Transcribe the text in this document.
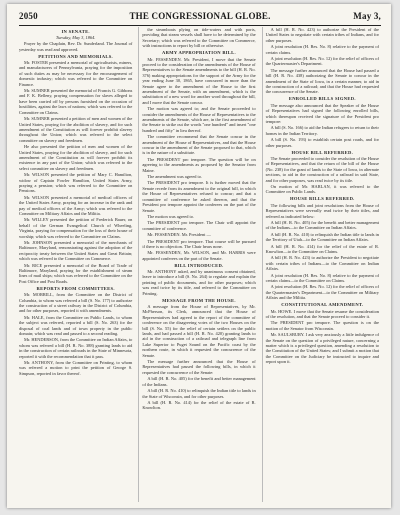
2050	THE CONGRESSIONAL GLOBE.	May 3,
IN SENATE.

Tuesday, May 3, 1864.

Prayer by the Chaplain, Rev. Dr. Sunderland. The Journal of yesterday was read and approved.

PETITIONS AND MEMORIALS.

Mr. FOSTER presented a memorial of agriculturists, miners, and manufacturers of Pennsylvania, praying for the imposition of such duties as may be necessary for the encouragement of domestic industry; which was referred to the Committee on Finance.

Mr. SUMNER presented the memorial of Francis G. Gibbons and F. K. Belleny, praying compensation for slaves alleged to have been carried off by persons furnished on the occasion of hostilities, against the laws of nations; which was referred to the Committee on Claims.

Mr. SUMNER presented a petition of men and women of the United States, praying for the abolition of slavery, and for such amendment of the Constitution as will forever prohibit slavery throughout the Union; which was referred to the select committee on slavery and freedmen.

He also presented the petition of men and women of the United States, praying for the abolition of slavery, and for such amendment of the Constitution as will forever prohibit its existence in any part of the Union; which was referred to the select committee on slavery and freedmen.

Mr. WILSON presented the petition of Mary C. Hamilton, widow of Captain Fowler Hamilton, United States Army, praying a pension; which was referred to the Committee on Pensions.

Mr. WILSON presented a memorial of medical officers of the United States Army, praying for an increase in the rank and pay of medical officers of the Army; which was referred to the Committee on Military Affairs and the Militia.

Mr. WILLEY presented the petition of Frederick Bauer, on behalf of the German Evangelical Church of Wheeling, Virginia, praying for compensation for the loss of their house of worship; which was referred to the Committee on Claims.

Mr. JOHNSON presented a memorial of the merchants of Baltimore, Maryland, remonstrating against the adoption of the reciprocity treaty between the United States and Great Britain; which was referred to the Committee on Commerce.

Mr. RICE presented a memorial of the Board of Trade of Baltimore, Maryland, praying for the establishment of steam lines of mail ships; which was referred to the Committee on the Post Office and Post Roads.

REPORTS FROM COMMITTEES.

Mr. MORRILL, from the Committee on the District of Columbia, to whom was referred a bill (S. No. 177) to authorize the construction of a street railway in the District of Columbia, and for other purposes, reported it with amendments.

Mr. HALE, from the Committee on Public Lands, to whom the subject was referred, reported a bill (S. No. 263) for the disposal of coal lands and of town property in the public domain; which was read and passed to a second reading.

Mr. HENDERSON, from the Committee on Indian Affairs, to whom was referred a bill (H. R. No. 388) granting lands to aid in the construction of certain railroads in the State of Minnesota, reported it with the recommendation that it pass.

Mr. ANTHONY, from the Committee on Printing, to whom was referred a motion to print the petition of George S. Simpson, reported in favor thereof.

the steamboats plying on tide-waters and with ports, providing that steam vessels shall have to be determined by the Secretary; which was referred to the Committee on Commerce, with instructions to report by bill or otherwise.

ARMY APPROPRIATION BILL.

Mr. FESSENDEN. Mr. President, I move that the Senate proceed to the consideration of the amendments of the House of Representatives to the Senate amendments to the bill (H. R. No. 376) making appropriations for the support of the Army for the year ending June 30, 1865, have concurred in more than the Senate agree to the amendment of the House to the first amendment of the Senate, with an amendment, which is the substitution of a new word for another word throughout the bill, and I move that the Senate concur.

The motion was agreed to; and the Senate proceeded to consider the amendments of the House of Representatives to the amendments of the Senate, which are, in the first amendment of the Senate to strike out the words "one hundred" and insert "one hundred and fifty" in lieu thereof.

The committee recommend that the Senate concur in the amendment of the House of Representatives, and that the House concur in the amendment of the Senate proposed to that, which is in the nature of a substitute.

The PRESIDENT pro tempore. The question will be on agreeing to the amendments as proposed by the Senator from Maine.

The amendment was agreed to.

The PRESIDENT pro tempore. It is further moved that the Senate recede from its amendment to the original bill, in which the House of Representatives refused to concur; and that a committee of conference be asked thereon, and that the President pro tempore appoint the conferees on the part of the Senate.

The motion was agreed to.

The PRESIDENT pro tempore. The Chair will appoint the committee of conference.

Mr. FESSENDEN. Mr. President —

The PRESIDENT pro tempore. That course will be pursued if there is no objection. The Chair hears none.

Mr. FESSENDEN, Mr. WILSON, and Mr. HARRIS were appointed conferees on the part of the Senate.

BILL INTRODUCED.

Mr. ANTHONY asked, and by unanimous consent obtained, leave to introduce a bill (S. No. 264) to regulate and explain the printing of public documents, and for other purposes; which was read twice by its title, and referred to the Committee on Printing.

MESSAGE FROM THE HOUSE.

A message from the House of Representatives, by Mr. McPherson, its Clerk, announced that the House of Representatives had agreed to the report of the committee of conference on the disagreeing votes of the two Houses on the bill (S. No. 55) for the relief of certain settlers on the public lands, and had passed a bill (H. R. No. 420) granting lands to aid in the construction of a railroad and telegraph line from Lake Superior to Puget Sound on the Pacific coast by the northern route, in which it requested the concurrence of the Senate.

The message further announced that the House of Representatives had passed the following bills, in which it requested the concurrence of the Senate:

A bill (H. R. No. 405) for the benefit and better management of the Indians.

A bill (H. R. No. 410) to relinquish the Indian title to lands in the State of Wisconsin, and for other purposes.

A bill (H. R. No. 414) for the relief of the estate of R. Knowlton.

A bill (H. R. No. 423) to authorize the President of the United States to negotiate with certain tribes of Indians, and for other purposes.

A joint resolution (H. Res. No. 8) relative to the payment of certain claims.

A joint resolution (H. Res. No. 12) for the relief of officers of the Quartermaster's Department.

The message further announced that the House had passed a bill (H. R. No. 438) authorizing the Senate to concur in the amendment of the State of Iowa, in a certain manner, to aid in the construction of a railroad; and that the House had requested the concurrence of the Senate.

ENROLLED BILLS SIGNED.

The message also announced that the Speaker of the House of Representatives had signed the following enrolled bills, which thereupon received the signature of the President pro tempore:

A bill (S. No. 166) to aid the Indian refugees to return to their homes in the Indian Territory.

A bill (S. No. 193) to establish certain post roads, and for other purposes.

HOUSE BILL REFERRED.

The Senate proceeded to consider the resolution of the House of Representatives, and that the return of the bill of the House (No. 238) for the grant of lands to the State of Iowa, in alternate sections, to aid in the construction of a railroad in said State, and for other purposes, was read twice by its title.

On motion of Mr. HARLAN, it was referred to the Committee on Public Lands.

HOUSE BILLS REFERRED.

The following bills and joint resolutions from the House of Representatives were severally read twice by their titles, and referred as indicated below:

A bill (H. R. No. 405) for the benefit and better management of the Indians—to the Committee on Indian Affairs.

A bill (H. R. No. 410) to relinquish the Indian title to lands in the Territory of Utah—to the Committee on Indian Affairs.

A bill (H. R. No. 414) for the relief of the estate of R. Knowlton—to the Committee on Claims.

A bill (H. R. No. 423) to authorize the President to negotiate with certain tribes of Indians—to the Committee on Indian Affairs.

A joint resolution (H. Res. No. 8) relative to the payment of certain claims—to the Committee on Claims.

A joint resolution (H. Res. No. 12) for the relief of officers of the Quartermaster's Department—to the Committee on Military Affairs and the Militia.

CONSTITUTIONAL AMENDMENT.

Mr. HOWE. I move that the Senate resume the consideration of the resolution, and that the Senate proceed to consider it.

The PRESIDENT pro tempore. The question is on the motion of the Senator from Wisconsin.

Mr. SAULSBURY. I ask very anxiously a little indulgence of the Senate on the question of a privileged nature, concerning a matter which is a privileged question, amending a resolution to the Constitution of the United States; and I submit a motion that the Committee on the Judiciary be instructed to inquire and report upon it.
